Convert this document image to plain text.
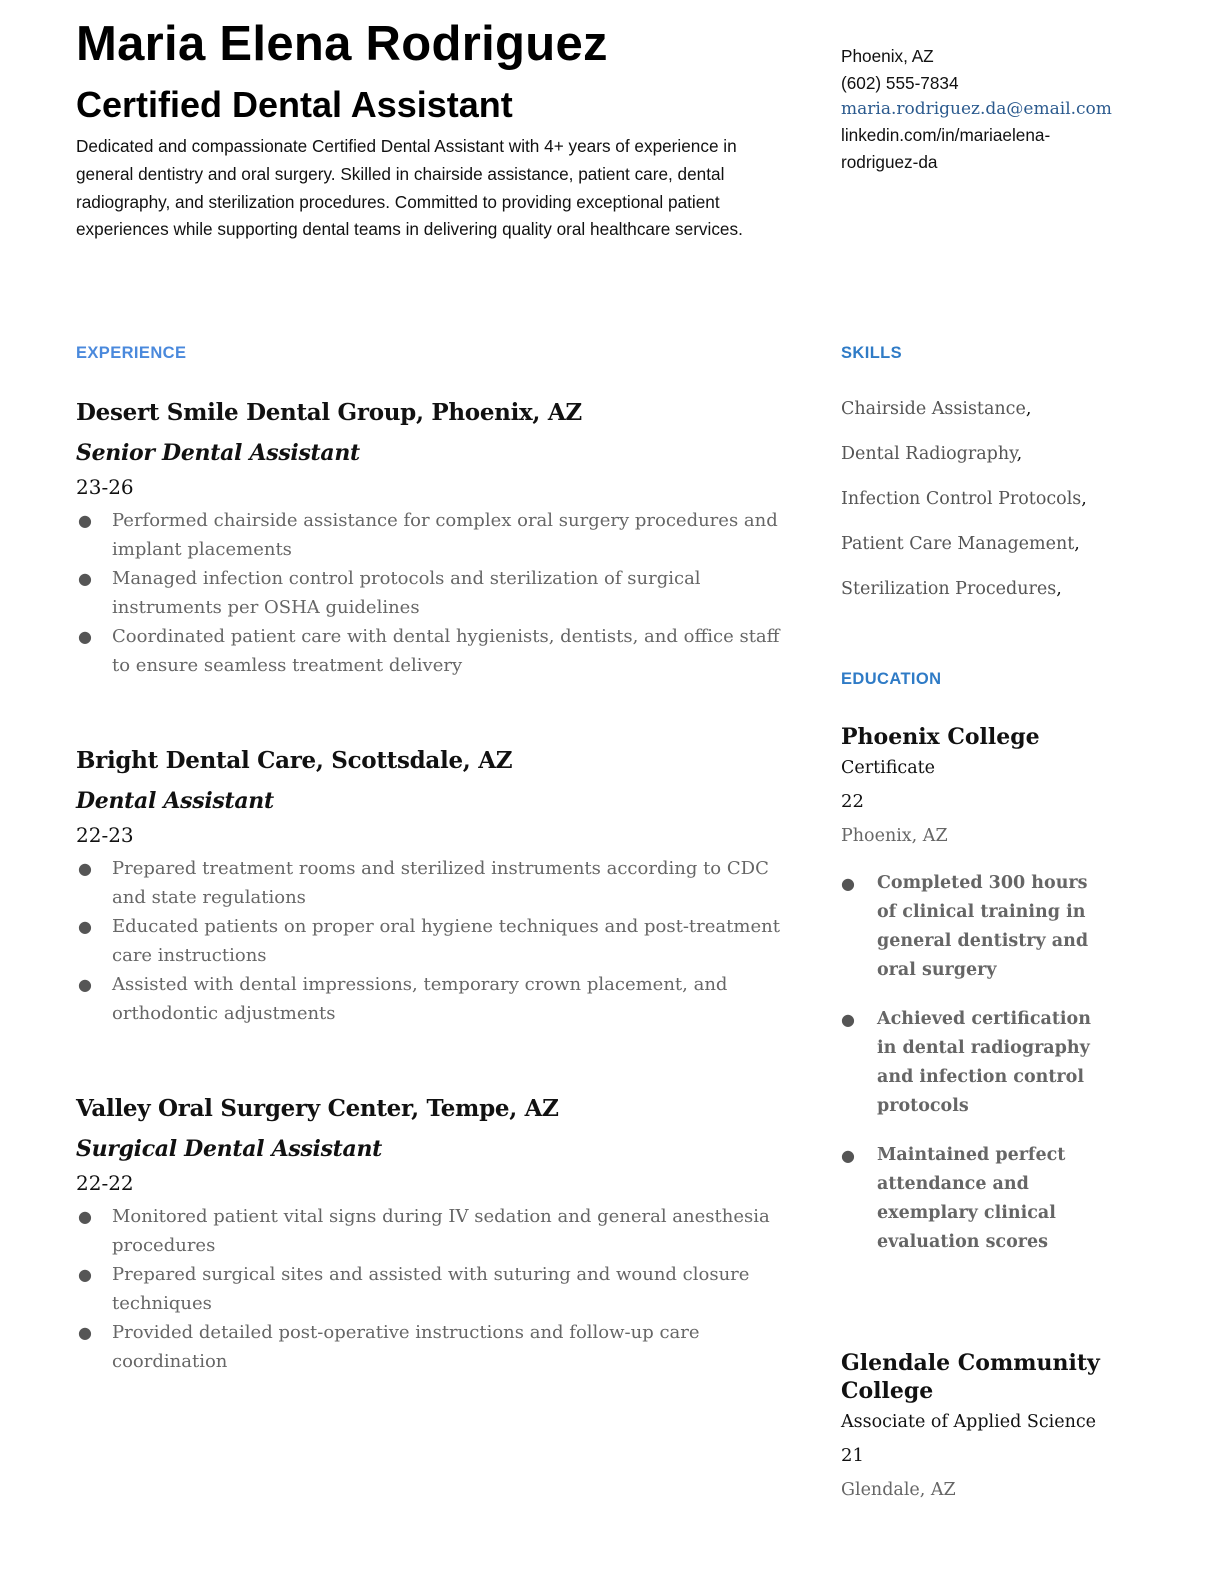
Maria Elena Rodriguez
Certified Dental Assistant

Dedicated and compassionate Certified Dental Assistant with 4+ years of experience in general dentistry and oral surgery. Skilled in chairside assistance, patient care, dental radiography, and sterilization procedures. Committed to providing exceptional patient experiences while supporting dental teams in delivering quality oral healthcare services.

Phoenix, AZ
(602) 555-7834
maria.rodriguez.da@email.com
linkedin.com/in/mariaelena-rodriguez-da
EXPERIENCE	SKILLS
EDUCATION
Desert Smile Dental Group, Phoenix, AZ
Senior Dental Assistant
23-26
● Performed chairside assistance for complex oral surgery procedures and implant placements
● Managed infection control protocols and sterilization of surgical instruments per OSHA guidelines
● Coordinated patient care with dental hygienists, dentists, and office staff to ensure seamless treatment delivery
Bright Dental Care, Scottsdale, AZ
Dental Assistant
22-23
● Prepared treatment rooms and sterilized instruments according to CDC and state regulations
● Educated patients on proper oral hygiene techniques and post-treatment care instructions
● Assisted with dental impressions, temporary crown placement, and orthodontic adjustments
Valley Oral Surgery Center, Tempe, AZ
Surgical Dental Assistant
22-22
● Monitored patient vital signs during IV sedation and general anesthesia procedures
● Prepared surgical sites and assisted with suturing and wound closure techniques
● Provided detailed post-operative instructions and follow-up care coordination
Chairside Assistance,
Dental Radiography,
Infection Control Protocols,
Patient Care Management,
Sterilization Procedures,
Phoenix College
Certificate
22
Phoenix, AZ
● Completed 300 hours of clinical training in general dentistry and oral surgery
● Achieved certification in dental radiography and infection control protocols
● Maintained perfect attendance and exemplary clinical evaluation scores
Glendale Community College
Associate of Applied Science
21
Glendale, AZ
